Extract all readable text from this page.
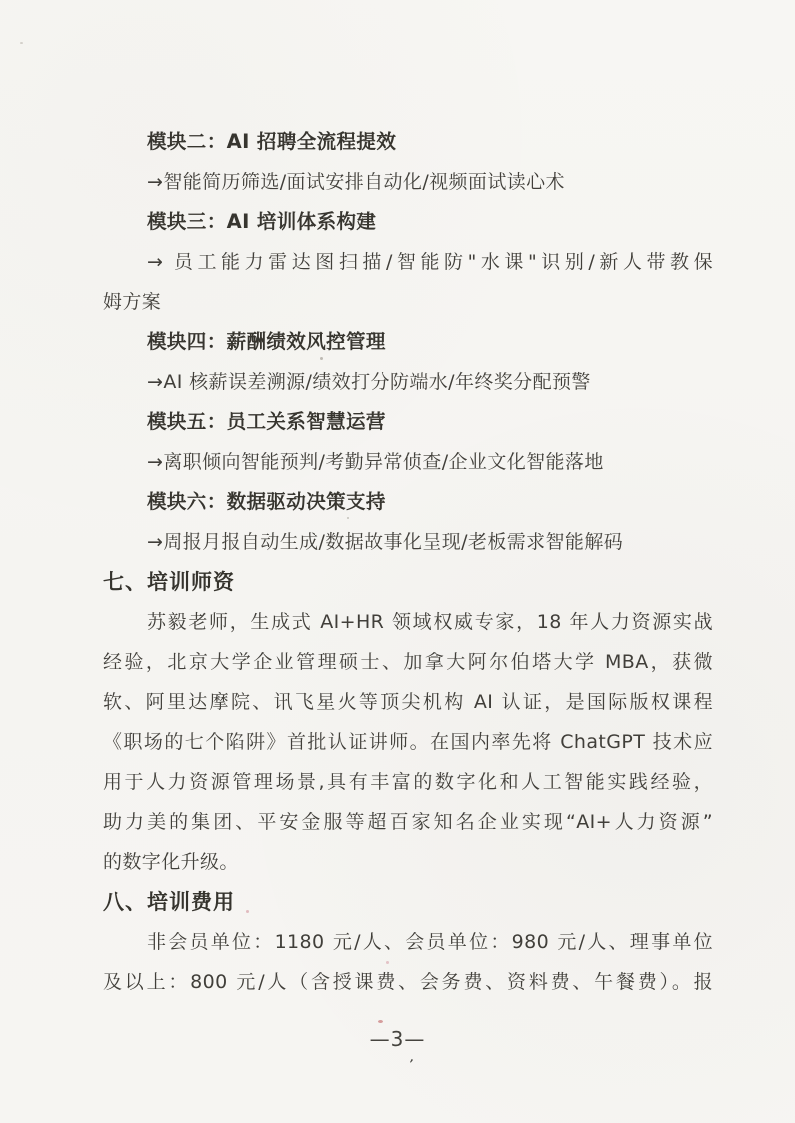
模块二：AI 招聘全流程提效
→智能简历筛选/面试安排自动化/视频面试读心术
模块三：AI 培训体系构建
→ 员工能力雷达图扫描/智能防"水课"识别/新人带教保
姆方案
模块四：薪酬绩效风控管理
→AI 核薪误差溯源/绩效打分防端水/年终奖分配预警
模块五：员工关系智慧运营
→离职倾向智能预判/考勤异常侦查/企业文化智能落地
模块六：数据驱动决策支持
→周报月报自动生成/数据故事化呈现/老板需求智能解码
七、培训师资
苏毅老师，生成式 AI+HR 领域权威专家，18 年人力资源实战
经验，北京大学企业管理硕士、加拿大阿尔伯塔大学 MBA，获微
软、阿里达摩院、讯飞星火等顶尖机构 AI 认证，是国际版权课程
《职场的七个陷阱》首批认证讲师。在国内率先将 ChatGPT 技术应
用于人力资源管理场景,具有丰富的数字化和人工智能实践经验，
助力美的集团、平安金服等超百家知名企业实现“AI+人力资源”
的数字化升级。
八、培训费用
非会员单位：1180 元/人、会员单位：980 元/人、理事单位
及以上：800 元/人（含授课费、会务费、资料费、午餐费）。报
—3—
’
